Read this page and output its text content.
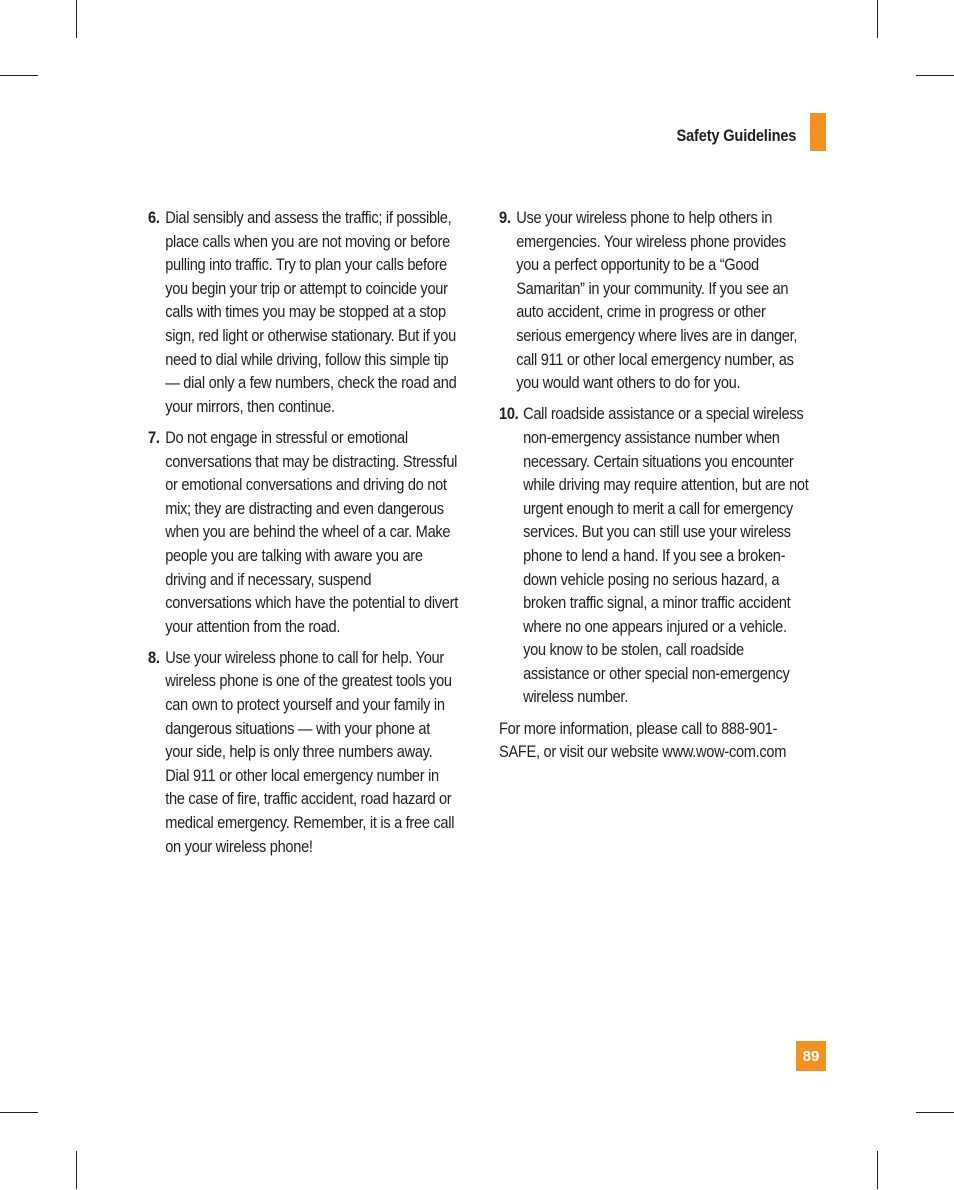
Safety Guidelines
6. Dial sensibly and assess the traffic; if possible, place calls when you are not moving or before pulling into traffic. Try to plan your calls before you begin your trip or attempt to coincide your calls with times you may be stopped at a stop sign, red light or otherwise stationary. But if you need to dial while driving, follow this simple tip— dial only a few numbers, check the road and your mirrors, then continue.
7. Do not engage in stressful or emotional conversations that may be distracting. Stressful or emotional conversations and driving do not mix; they are distracting and even dangerous when you are behind the wheel of a car. Make people you are talking with aware you are driving and if necessary, suspend conversations which have the potential to divert your attention from the road.
8. Use your wireless phone to call for help. Your wireless phone is one of the greatest tools you can own to protect yourself and your family in dangerous situations — with your phone at your side, help is only three numbers away. Dial 911 or other local emergency number in the case of fire, traffic accident, road hazard or medical emergency. Remember, it is a free call on your wireless phone!
9. Use your wireless phone to help others in emergencies. Your wireless phone provides you a perfect opportunity to be a “Good Samaritan” in your community. If you see an auto accident, crime in progress or other serious emergency where lives are in danger, call 911 or other local emergency number, as you would want others to do for you.
10. Call roadside assistance or a special wireless non-emergency assistance number when necessary. Certain situations you encounter while driving may require attention, but are not urgent enough to merit a call for emergency services. But you can still use your wireless phone to lend a hand. If you see a broken-down vehicle posing no serious hazard, a broken traffic signal, a minor traffic accident where no one appears injured or a vehicle. you know to be stolen, call roadside assistance or other special non-emergency wireless number.

For more information, please call to 888-901-SAFE, or visit our website www.wow-com.com

89
